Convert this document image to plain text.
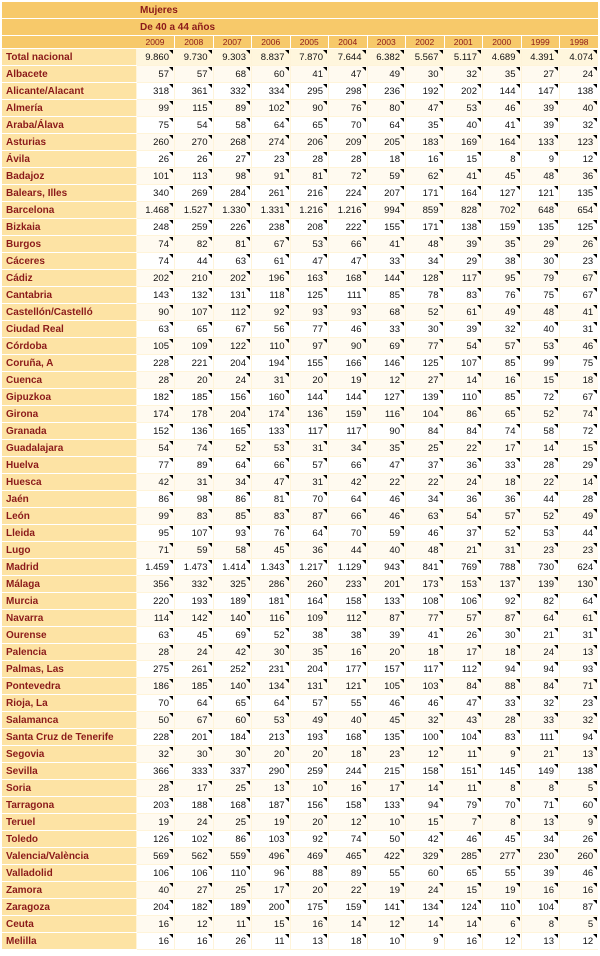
	Mujeres											
	De 40 a 44 años											
	2009	2008	2007	2006	2005	2004	2003	2002	2001	2000	1999	1998
Total nacional	9.860	9.730	9.303	8.837	7.870	7.644	6.382	5.567	5.117	4.689	4.391	4.074

Albacete	57	57	68	60	41	47	49	30	32	35	27	24

Alicante/Alacant	318	361	332	334	295	298	236	192	202	144	147	138

Almería	99	115	89	102	90	76	80	47	53	46	39	40

Araba/Álava	75	54	58	64	65	70	64	35	40	41	39	32

Asturias	260	270	268	274	206	209	205	183	169	164	133	123

Ávila	26	26	27	23	28	28	18	16	15	8	9	12

Badajoz	101	113	98	91	81	72	59	62	41	45	48	36

Balears, Illes	340	269	284	261	216	224	207	171	164	127	121	135

Barcelona	1.468	1.527	1.330	1.331	1.216	1.216	994	859	828	702	648	654

Bizkaia	248	259	226	238	208	222	155	171	138	159	135	125

Burgos	74	82	81	67	53	66	41	48	39	35	29	26

Cáceres	74	44	63	61	47	47	33	34	29	38	30	23

Cádiz	202	210	202	196	163	168	144	128	117	95	79	67

Cantabria	143	132	131	118	125	111	85	78	83	76	75	67

Castellón/Castelló	90	107	112	92	93	93	68	52	61	49	48	41

Ciudad Real	63	65	67	56	77	46	33	30	39	32	40	31

Córdoba	105	109	122	110	97	90	69	77	54	57	53	46

Coruña, A	228	221	204	194	155	166	146	125	107	85	99	75

Cuenca	28	20	24	31	20	19	12	27	14	16	15	18

Gipuzkoa	182	185	156	160	144	144	127	139	110	85	72	67

Girona	174	178	204	174	136	159	116	104	86	65	52	74

Granada	152	136	165	133	117	117	90	84	84	74	58	72

Guadalajara	54	74	52	53	31	34	35	25	22	17	14	15

Huelva	77	89	64	66	57	66	47	37	36	33	28	29

Huesca	42	31	34	47	31	42	22	22	24	18	22	14

Jaén	86	98	86	81	70	64	46	34	36	36	44	28

León	99	83	85	83	87	66	46	63	54	57	52	49

Lleida	95	107	93	76	64	70	59	46	37	52	53	44

Lugo	71	59	58	45	36	44	40	48	21	31	23	23

Madrid	1.459	1.473	1.414	1.343	1.217	1.129	943	841	769	788	730	624

Málaga	356	332	325	286	260	233	201	173	153	137	139	130

Murcia	220	193	189	181	164	158	133	108	106	92	82	64

Navarra	114	142	140	116	109	112	87	77	57	87	64	61

Ourense	63	45	69	52	38	38	39	41	26	30	21	31

Palencia	28	24	42	30	35	16	20	18	17	18	24	13

Palmas, Las	275	261	252	231	204	177	157	117	112	94	94	93

Pontevedra	186	185	140	134	131	121	105	103	84	88	84	71

Rioja, La	70	64	65	64	57	55	46	46	47	33	32	23

Salamanca	50	67	60	53	49	40	45	32	43	28	33	32

Santa Cruz de Tenerife	228	201	184	213	193	168	135	100	104	83	111	94

Segovia	32	30	30	20	20	18	23	12	11	9	21	13

Sevilla	366	333	337	290	259	244	215	158	151	145	149	138

Soria	28	17	25	13	10	16	17	14	11	8	8	5

Tarragona	203	188	168	187	156	158	133	94	79	70	71	60

Teruel	19	24	25	19	20	12	10	15	7	8	13	9

Toledo	126	102	86	103	92	74	50	42	46	45	34	26

Valencia/València	569	562	559	496	469	465	422	329	285	277	230	260

Valladolid	106	106	110	96	88	89	55	60	65	55	39	46

Zamora	40	27	25	17	20	22	19	24	15	19	16	16

Zaragoza	204	182	189	200	175	159	141	134	124	110	104	87

Ceuta	16	12	11	15	16	14	12	14	14	6	8	5

Melilla	16	16	26	11	13	18	10	9	16	12	13	12
